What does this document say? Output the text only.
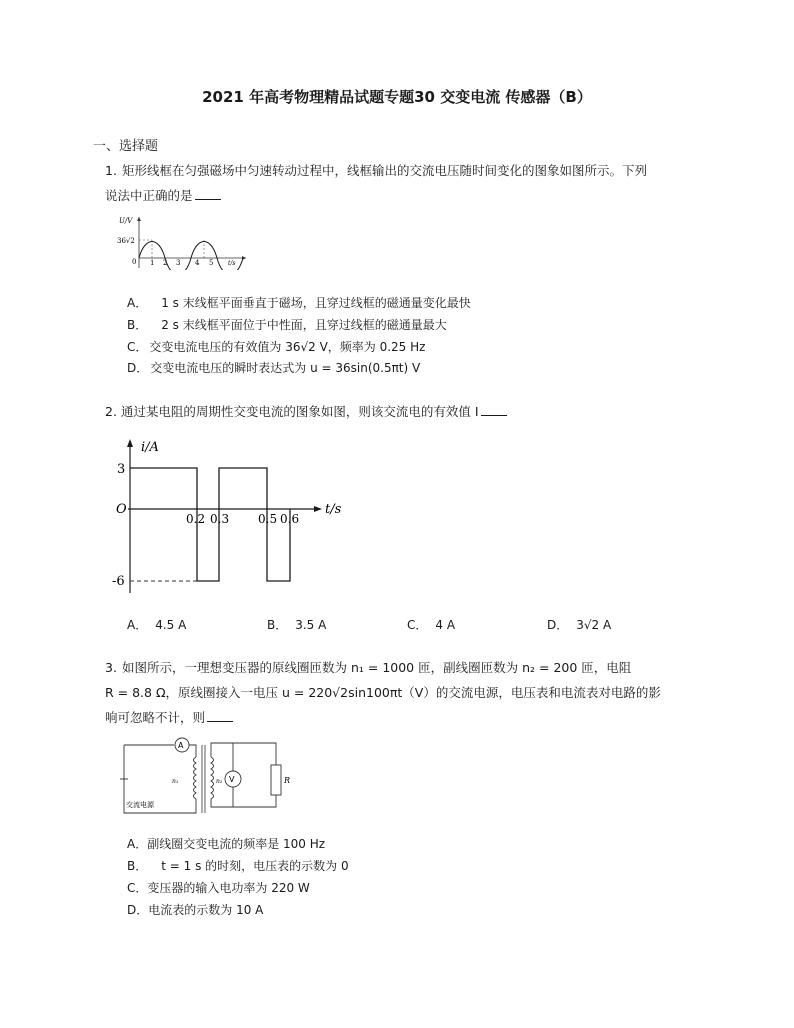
2021 年高考物理精品试题专题30 交变电流 传感器（B）
一、选择题
1. 矩形线框在匀强磁场中匀速转动过程中，线框输出的交流电压随时间变化的图象如图所示。下列
说法中正确的是
U/V
36√2
0 1 2 3 4 5 t/s
A． 1 s 末线框平面垂直于磁场，且穿过线框的磁通量变化最快
B． 2 s 末线框平面位于中性面，且穿过线框的磁通量最大
C． 交变电流电压的有效值为 36√2 V，频率为 0.25 Hz
D． 交变电流电压的瞬时表达式为 u = 36sin(0.5πt) V
2. 通过某电阻的周期性交变电流的图象如图，则该交流电的有效值 I
i/A
3
O
-6
0.2 0.3 0.5 0.6
t/s
A． 4.5 A	B． 3.5 A	C． 4 A	D． 3√2 A
3. 如图所示，一理想变压器的原线圈匝数为 n₁ = 1000 匝，副线圈匝数为 n₂ = 200 匝，电阻
R = 8.8 Ω，原线圈接入一电压 u = 220√2sin100πt（V）的交流电源，电压表和电流表对电路的影
响可忽略不计，则
A
n₁
交流电源
n₂ V	R
A．副线圈交变电流的频率是 100 Hz
B． t = 1 s 的时刻，电压表的示数为 0
C．变压器的输入电功率为 220 W
D．电流表的示数为 10 A
